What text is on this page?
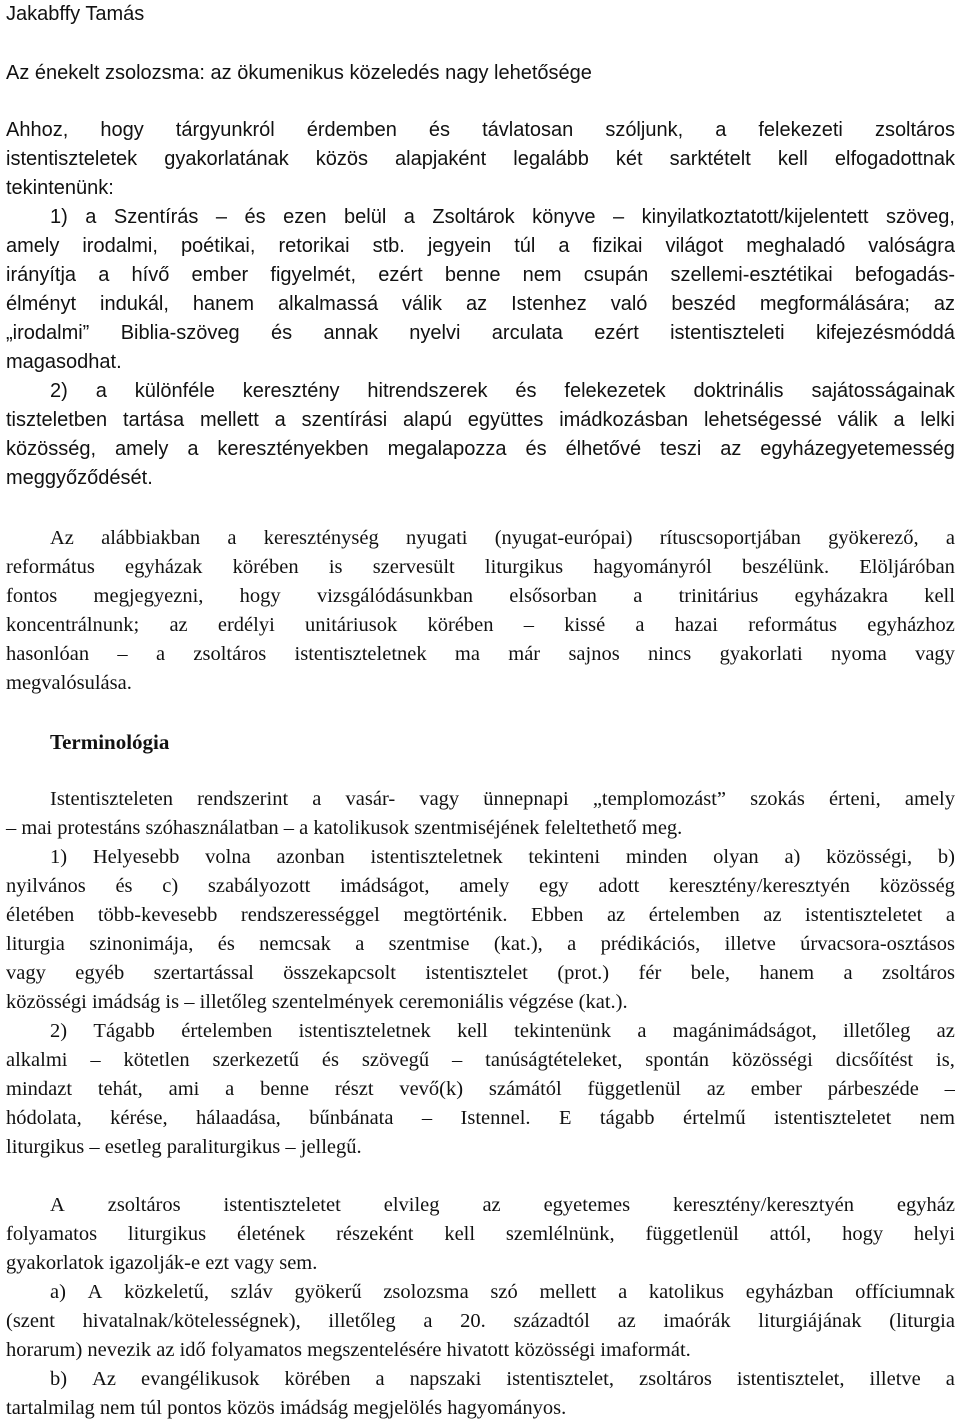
Jakabffy Tamás
Az énekelt zsolozsma: az ökumenikus közeledés nagy lehetősége
Ahhoz, hogy tárgyunkról érdemben és távlatosan szóljunk, a felekezeti zsoltáros
istentiszteletek gyakorlatának közös alapjaként legalább két sarktételt kell elfogadottnak
tekintenünk:
1) a Szentírás – és ezen belül a Zsoltárok könyve – kinyilatkoztatott/kijelentett szöveg,
amely irodalmi, poétikai, retorikai stb. jegyein túl a fizikai világot meghaladó valóságra
irányítja a hívő ember figyelmét, ezért benne nem csupán szellemi-esztétikai befogadás-
élményt indukál, hanem alkalmassá válik az Istenhez való beszéd megformálására; az
„irodalmi” Biblia-szöveg és annak nyelvi arculata ezért istentiszteleti kifejezésmóddá
magasodhat.
2) a különféle keresztény hitrendszerek és felekezetek doktrinális sajátosságainak
tiszteletben tartása mellett a szentírási alapú együttes imádkozásban lehetségessé válik a lelki
közösség, amely a keresztényekben megalapozza és élhetővé teszi az egyházegyetemesség
meggyőződését.
Az alábbiakban a kereszténység nyugati (nyugat-európai) rítuscsoportjában gyökerező, a
református egyházak körében is szervesült liturgikus hagyományról beszélünk. Elöljáróban
fontos megjegyezni, hogy vizsgálódásunkban elsősorban a trinitárius egyházakra kell
koncentrálnunk; az erdélyi unitáriusok körében – kissé a hazai református egyházhoz
hasonlóan – a zsoltáros istentiszteletnek ma már sajnos nincs gyakorlati nyoma vagy
megvalósulása.
Terminológia
Istentiszteleten rendszerint a vasár- vagy ünnepnapi „templomozást” szokás érteni, amely
– mai protestáns szóhasználatban – a katolikusok szentmiséjének feleltethető meg.
1) Helyesebb volna azonban istentiszteletnek tekinteni minden olyan a) közösségi, b)
nyilvános és c) szabályozott imádságot, amely egy adott keresztény/keresztyén közösség
életében több-kevesebb rendszerességgel megtörténik. Ebben az értelemben az istentiszteletet a
liturgia szinonimája, és nemcsak a szentmise (kat.), a prédikációs, illetve úrvacsora-osztásos
vagy egyéb szertartással összekapcsolt istentisztelet (prot.) fér bele, hanem a zsoltáros
közösségi imádság is – illetőleg szentelmények ceremoniális végzése (kat.).
2) Tágabb értelemben istentiszteletnek kell tekintenünk a magánimádságot, illetőleg az
alkalmi – kötetlen szerkezetű és szövegű – tanúságtételeket, spontán közösségi dicsőítést is,
mindazt tehát, ami a benne részt vevő(k) számától függetlenül az ember párbeszéde –
hódolata, kérése, hálaadása, bűnbánata – Istennel. E tágabb értelmű istentiszteletet nem
liturgikus – esetleg paraliturgikus – jellegű.
A zsoltáros istentiszteletet elvileg az egyetemes keresztény/keresztyén egyház
folyamatos liturgikus életének részeként kell szemlélnünk, függetlenül attól, hogy helyi
gyakorlatok igazolják-e ezt vagy sem.
a) A közkeletű, szláv gyökerű zsolozsma szó mellett a katolikus egyházban offíciumnak
(szent hivatalnak/kötelességnek), illetőleg a 20. századtól az imaórák liturgiájának (liturgia
horarum) nevezik az idő folyamatos megszentelésére hivatott közösségi imaformát.
b) Az evangélikusok körében a napszaki istentisztelet, zsoltáros istentisztelet, illetve a
tartalmilag nem túl pontos közös imádság megjelölés hagyományos.
